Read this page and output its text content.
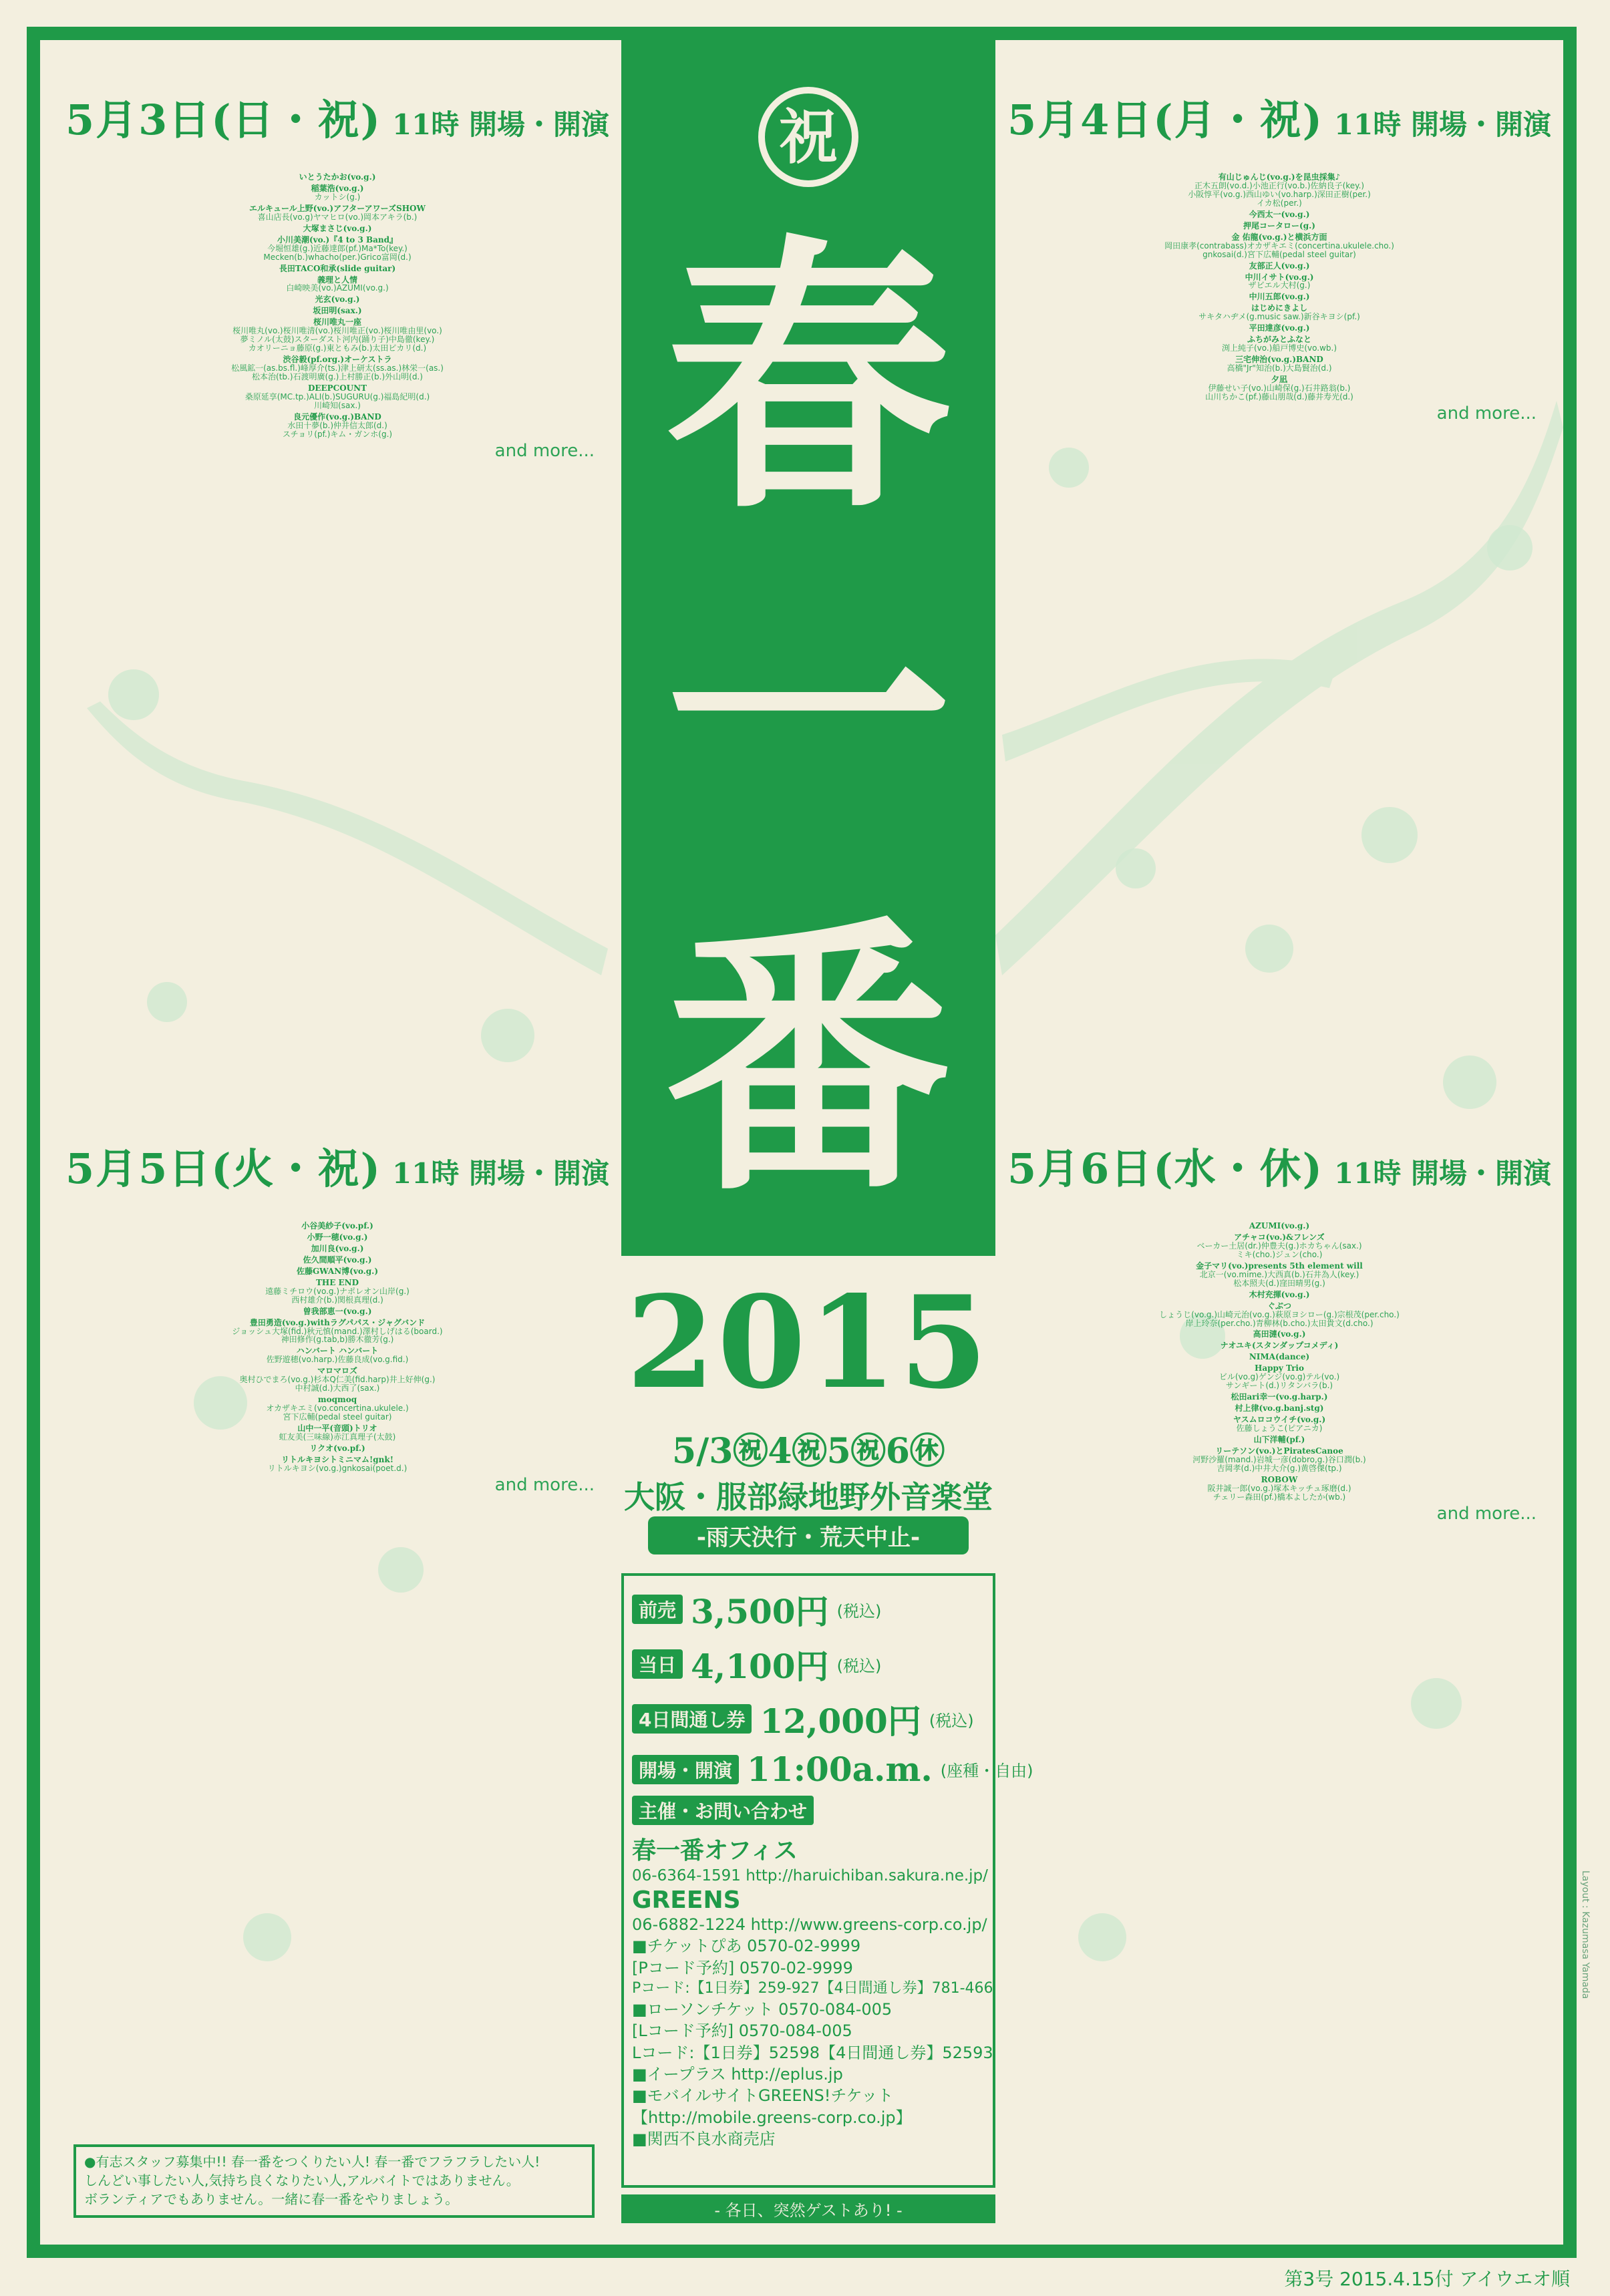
5月3日(日・祝) 11時 開場・開演
いとうたかお(vo.g.)
稲葉浩(vo.g.)
カットシ(g.)
エルキュール上野(vo.)アフターアワーズSHOW
喜山店長(vo.g)ヤマヒロ(vo.)岡本アキラ(b.)
大塚まさじ(vo.g.)
小川美潮(vo.)『4 to 3 Band』
今堀恒雄(g.)近藤達郎(pf.)Ma*To(key.)
Mecken(b.)whacho(per.)Grico富岡(d.)
長田TACO和承(slide guitar)
義理と人情
白崎映美(vo.)AZUMI(vo.g.)
光玄(vo.g.)
坂田明(sax.)
桜川唯丸一座
桜川唯丸(vo.)桜川唯清(vo.)桜川唯正(vo.)桜川唯由里(vo.)
夢ミノル(太鼓)スターダスト河内(踊り子)中島徹(key.)
カオリーニョ藤原(g.)東ともみ(b.)太田ビカリ(d.)
渋谷毅(pf.org.)オーケストラ
松風鉱一(as.bs.fl.)峰厚介(ts.)津上研太(ss.as.)林栄一(as.)
松本治(tb.)石渡明廣(g.)上村勝正(b.)外山明(d.)
DEEPCOUNT
桑原延享(MC.tp.)ALI(b.)SUGURU(g.)福島紀明(d.)
川崎知(sax.)
良元優作(vo.g.)BAND
水田十夢(b.)仲井信太郎(d.)
スチョリ(pf.)キム・ガンホ(g.)
and more...
5月4日(月・祝) 11時 開場・開演
有山じゅんじ(vo.g.)を昆虫採集♪
正木五朗(vo.d.)小池正行(vo.b.)佐納良子(key.)
小阪惇平(vo.g.)西山ゆい(vo.harp.)深田正樹(per.)
イカ松(per.)
今西太一(vo.g.)
押尾コータロー(g.)
金 佑龍(vo.g.)と横浜方面
岡田康孝(contrabass)オカザキエミ(concertina.ukulele.cho.)
gnkosai(d.)宮下広輔(pedal steel guitar)
友部正人(vo.g.)
中川イサト(vo.g.)
ザビエル大村(g.)
中川五郎(vo.g.)
はじめにきよし
サキタハヂメ(g.music saw.)新谷キヨシ(pf.)
平田達彦(vo.g.)
ふちがみとふなと
渕上純子(vo.)船戸博史(vo.wb.)
三宅伸治(vo.g.)BAND
高橋"Jr"知治(b.)大島賢治(d.)
夕凪
伊藤せい子(vo.)山崎保(g.)石井路翁(b.)
山川ちかこ(pf.)藤山朋哉(d.)藤井寿光(d.)
and more...
5月5日(火・祝) 11時 開場・開演
小谷美紗子(vo.pf.)
小野一穂(vo.g.)
加川良(vo.g.)
佐久間順平(vo.g.)
佐藤GWAN博(vo.g.)
THE END
遠藤ミチロウ(vo.g.)ナポレオン山岸(g.)
西村雄介(b.)関根真理(d.)
曽我部恵一(vo.g.)
豊田勇造(vo.g.)withラグパパス・ジャグバンド
ジョッシュ大塚(fid.)秋元慎(mand.)澤村しげはる(board.)
神田修作(g.tab,b)勝木徹芳(g.)
ハンバート ハンバート
佐野遊穂(vo.harp.)佐藤良成(vo.g.fid.)
マロマロズ
奥村ひでまろ(vo.g.)杉本Q仁美(fid.harp)井上好伸(g.)
中村誠(d.)大西了(sax.)
moqmoq
オカザキエミ(vo.concertina.ukulele.)
宮下広輔(pedal steel guitar)
山中一平(音頭)トリオ
虹友美(三味線)赤江真理子(太鼓)
リクオ(vo.pf.)
リトルキヨシトミニマム!gnk!
リトルキヨシ(vo.g.)gnkosai(poet.d.)
and more...
5月6日(水・休) 11時 開場・開演
AZUMI(vo.g.)
アチャコ(vo.)&フレンズ
ベーカー土居(dr.)仲豊夫(g.)ホカちゃん(sax.)
ミキ(cho.)ジュン(cho.)
金子マリ(vo.)presents 5th element will
北京一(vo.mime.)大西真(b.)石井為人(key.)
松本照夫(d.)窪田晴男(g.)
木村充揮(vo.g.)
ぐぶつ
しょうじ(vo.g.)山崎元治(vo.g.)萩原ヨシロー(g.)宗根茂(per.cho.)
岸上玲奈(per.cho.)青柳林(b.cho.)太田貴文(d.cho.)
高田漣(vo.g.)
ナオユキ(スタンダップコメディ)
NIMA(dance)
Happy Trio
ビル(vo.g)ゲンジ(vo.g)テル(vo.)
サンギート(d.)リタンバラ(b.)
松田ari幸一(vo.g.harp.)
村上律(vo.g.banj.stg)
ヤスムロコウイチ(vo.g.)
佐藤しょうこ(ピアニカ)
山下洋輔(pf.)
リーテソン(vo.)とPiratesCanoe
河野沙羅(mand.)岩城一彦(dobro,g.)谷口潤(b.)
吉岡孝(d.)中井大介(g.)黄啓傑(tp.)
ROBOW
阪井誠一郎(vo.g.)塚本キッチュ琢磨(d.)
チェリー森田(pf.)橋本よしたか(wb.)
and more...
祝
春
一
番
2015
5/3㊗4㊗5㊗6㊡
大阪・服部緑地野外音楽堂
-雨天決行・荒天中止-
前売 3,500円 (税込)
当日 4,100円 (税込)
4日間通し券 12,000円 (税込)
開場・開演 11:00a.m. (座種・自由)
主催・お問い合わせ
春一番オフィス
06-6364-1591 http://haruichiban.sakura.ne.jp/
GREENS
06-6882-1224 http://www.greens-corp.co.jp/
■チケットぴあ 0570-02-9999
[Pコード予約] 0570-02-9999
Pコード:【1日券】259-927【4日間通し券】781-466
■ローソンチケット 0570-084-005
[Lコード予約] 0570-084-005
Lコード:【1日券】52598【4日間通し券】52593
■イープラス http://eplus.jp
■モバイルサイトGREENS!チケット
【http://mobile.greens-corp.co.jp】
■関西不良水商売店
- 各日、突然ゲストあり! -
●有志スタッフ募集中!! 春一番をつくりたい人! 春一番でフラフラしたい人!
しんどい事したい人,気持ち良くなりたい人,アルバイトではありません。
ボランティアでもありません。一緒に春一番をやりましょう。
第3号 2015.4.15付 アイウエオ順
Layout : Kazumasa Yamada
